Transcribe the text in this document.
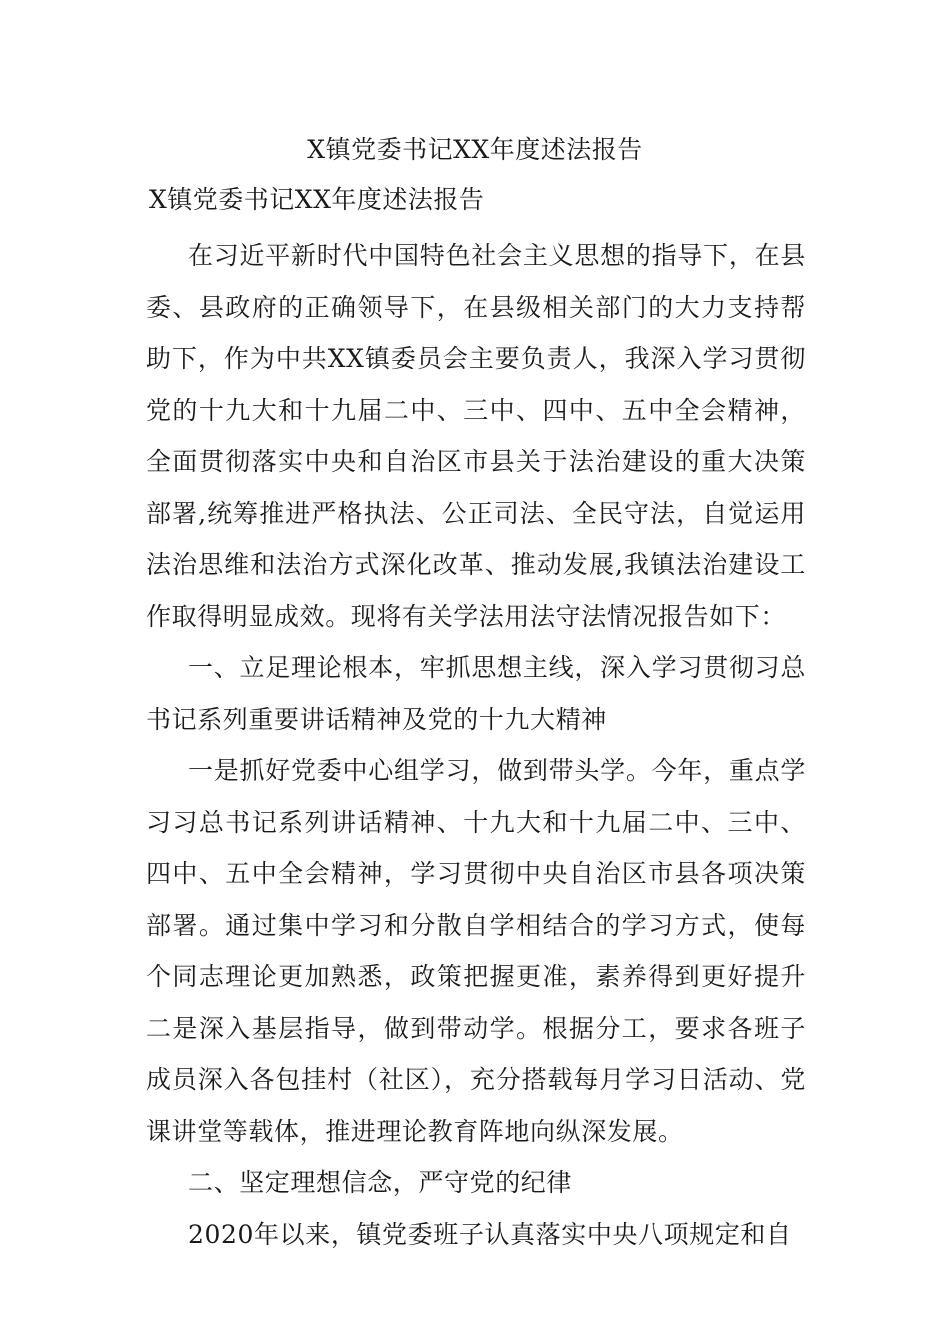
X镇党委书记XX年度述法报告
X镇党委书记XX年度述法报告

在习近平新时代中国特色社会主义思想的指导下，在县委、县政府的正确领导下，在县级相关部门的大力支持帮助下，作为中共XX镇委员会主要负责人，我深入学习贯彻党的十九大和十九届二中、三中、四中、五中全会精神，全面贯彻落实中央和自治区市县关于法治建设的重大决策部署,统筹推进严格执法、公正司法、全民守法，自觉运用法治思维和法治方式深化改革、推动发展,我镇法治建设工作取得明显成效。现将有关学法用法守法情况报告如下：

一、立足理论根本，牢抓思想主线，深入学习贯彻习总书记系列重要讲话精神及党的十九大精神

一是抓好党委中心组学习，做到带头学。今年，重点学习习总书记系列讲话精神、十九大和十九届二中、三中、四中、五中全会精神，学习贯彻中央自治区市县各项决策部署。通过集中学习和分散自学相结合的学习方式，使每个同志理论更加熟悉，政策把握更准，素养得到更好提升二是深入基层指导，做到带动学。根据分工，要求各班子成员深入各包挂村（社区），充分搭载每月学习日活动、党课讲堂等载体，推进理论教育阵地向纵深发展。

二、坚定理想信念，严守党的纪律

2020年以来，镇党委班子认真落实中央八项规定和自
